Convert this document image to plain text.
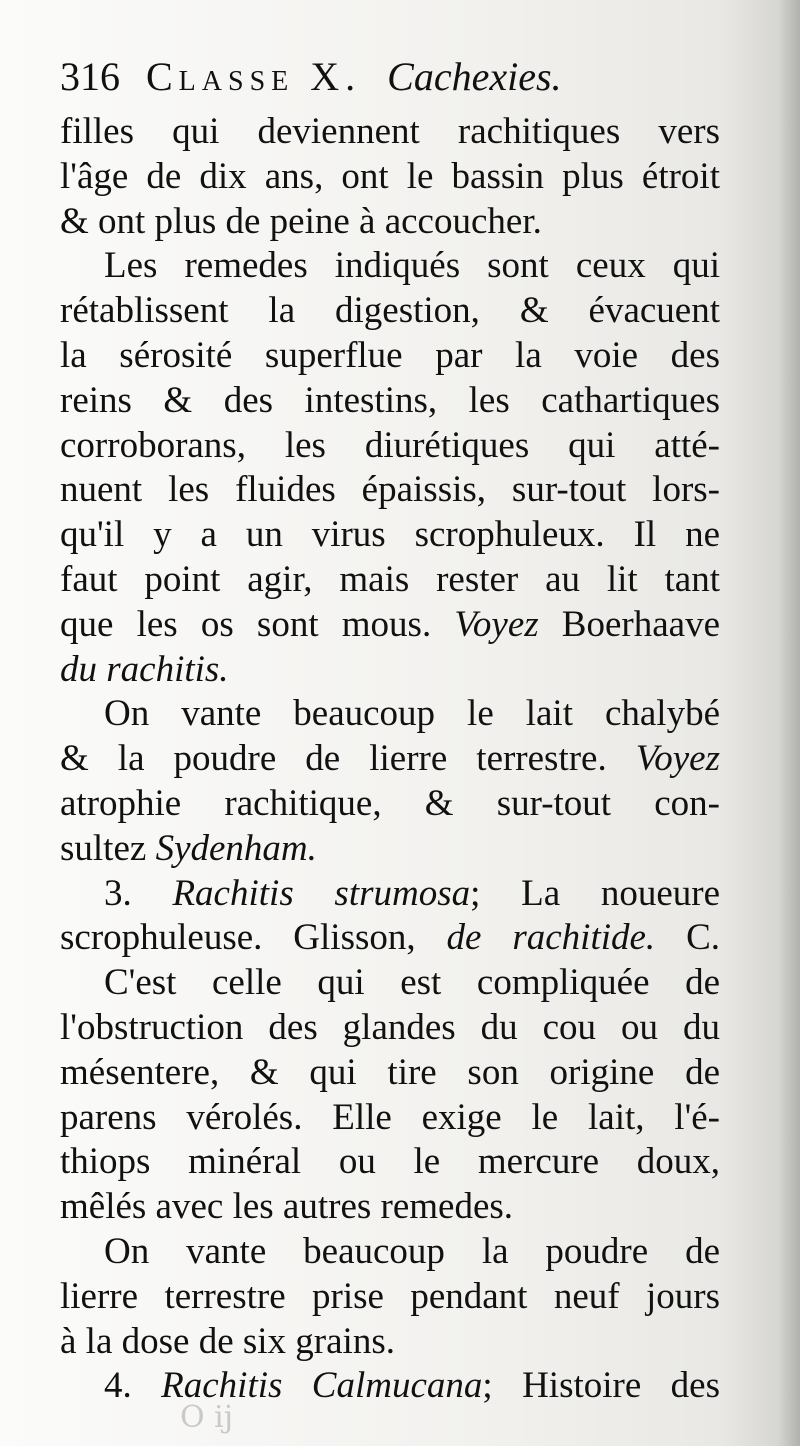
316 Classe X. Cachexies.
filles qui deviennent rachitiques vers
l'âge de dix ans, ont le bassin plus étroit
& ont plus de peine à accoucher.
Les remedes indiqués sont ceux qui
rétablissent la digestion, & évacuent
la sérosité superflue par la voie des
reins & des intestins, les cathartiques
corroborans, les diurétiques qui atté-
nuent les fluides épaissis, sur-tout lors-
qu'il y a un virus scrophuleux. Il ne
faut point agir, mais rester au lit tant
que les os sont mous. Voyez Boerhaave
du rachitis.
On vante beaucoup le lait chalybé
& la poudre de lierre terrestre. Voyez
atrophie rachitique, & sur-tout con-
sultez Sydenham.
3. Rachitis strumosa; La noueure
scrophuleuse. Glisson, de rachitide. C.
C'est celle qui est compliquée de
l'obstruction des glandes du cou ou du
mésentere, & qui tire son origine de
parens vérolés. Elle exige le lait, l'é-
thiops minéral ou le mercure doux,
mêlés avec les autres remedes.
On vante beaucoup la poudre de
lierre terrestre prise pendant neuf jours
à la dose de six grains.
4. Rachitis Calmucana; Histoire des
O ij
